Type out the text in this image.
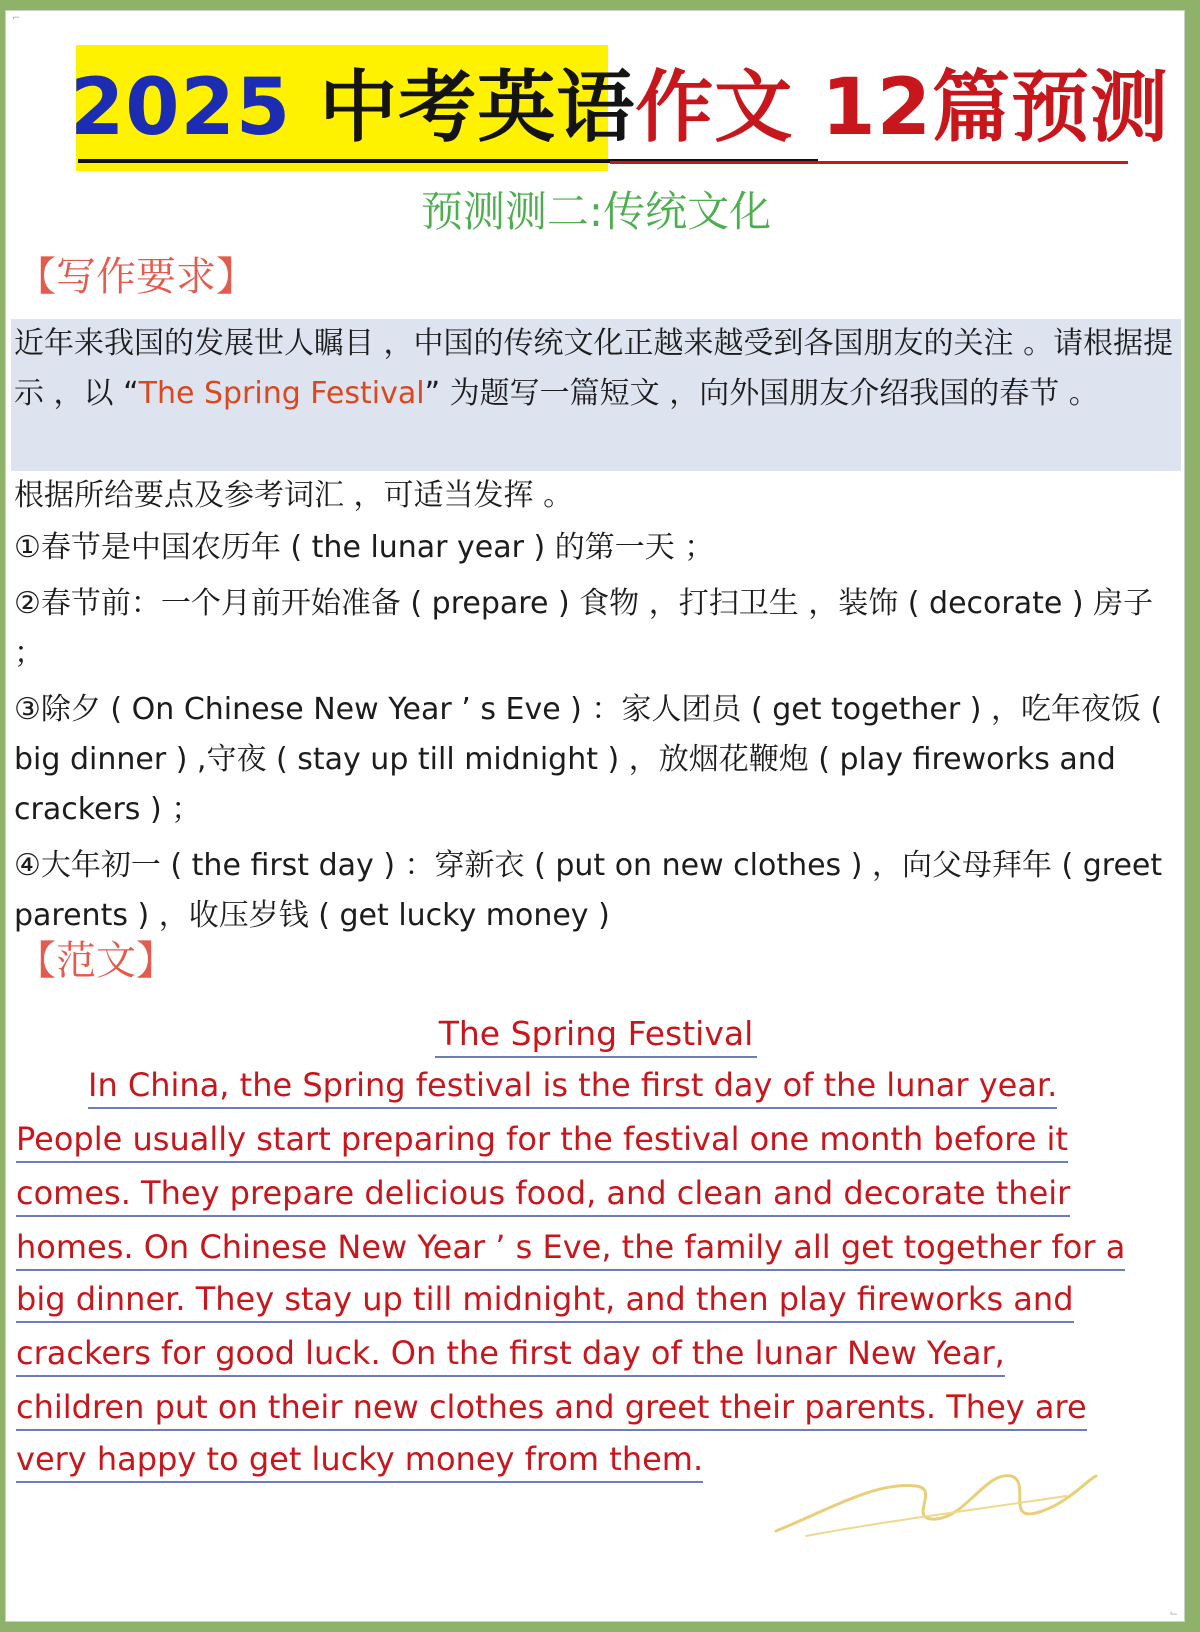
⌐
2025 中考英语作文 12篇预测
预测测二:传统文化
【写作要求】

近年来我国的发展世人瞩目 ，中国的传统文化正越来越受到各国朋友的关注 。请根据提示 ，以 “The Spring Festival” 为题写一篇短文 ，向外国朋友介绍我国的春节 。

根据所给要点及参考词汇 ，可适当发挥 。

①春节是中国农历年 ( the lunar year ) 的第一天 ；

②春节前：一个月前开始准备 ( prepare ) 食物 ，打扫卫生 ，装饰 ( decorate ) 房子 ；

③除夕 ( On Chinese New Year ’ s Eve ) ：家人团员 ( get together ) ，吃年夜饭 ( big dinner ) ,守夜 ( stay up till midnight ) ，放烟花鞭炮 ( play fireworks and crackers ) ；

④大年初一 ( the first day ) ：穿新衣 ( put on new clothes ) ，向父母拜年 ( greet parents ) ，收压岁钱 ( get lucky money )

【范文】
The Spring Festival
In China, the Spring festival is the first day of the lunar year.
People usually start preparing for the festival one month before it
comes. They prepare delicious food, and clean and decorate their
homes. On Chinese New Year ’ s Eve, the family all get together for a
big dinner. They stay up till midnight, and then play fireworks and
crackers for good luck. On the first day of the lunar New Year,
children put on their new clothes and greet their parents. They are
very happy to get lucky money from them.
⌙
